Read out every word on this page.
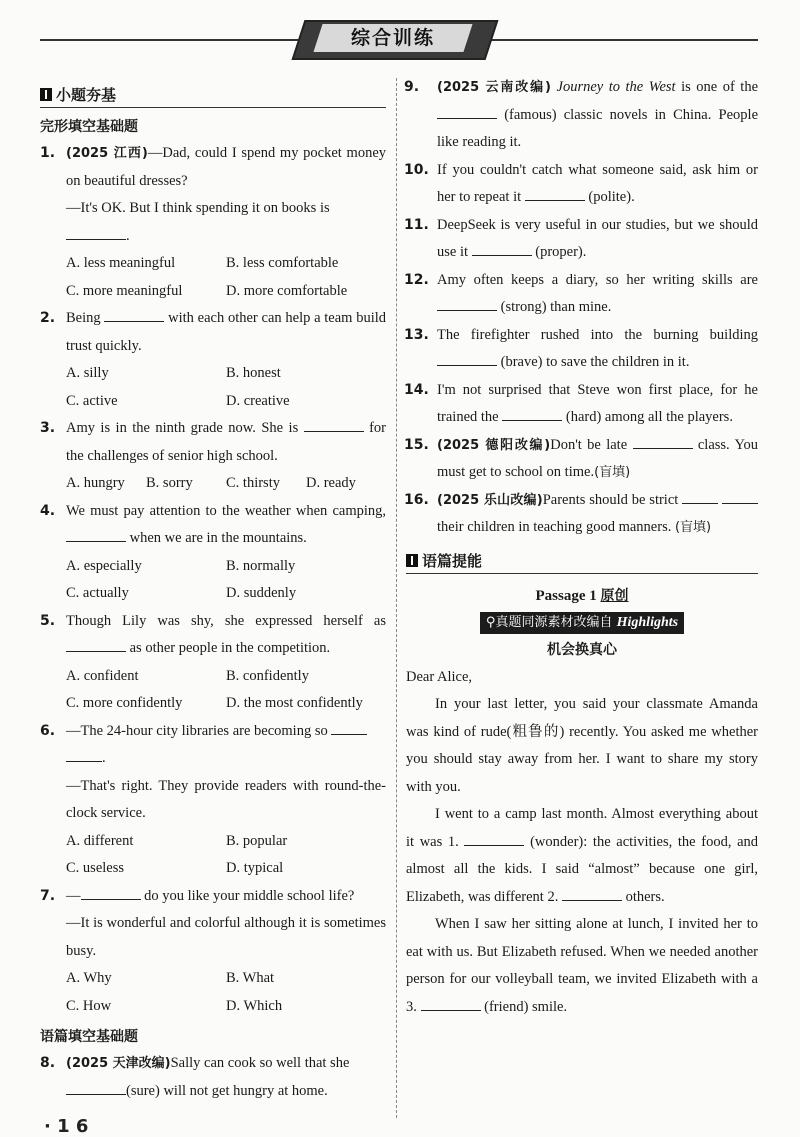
综合训练
小题夯基
完形填空基础题
1. (2025 江西)—Dad, could I spend my pocket money on beautiful dresses?
—It's OK. But I think spending it on books is
.
A. less meaningful	B. less comfortable
C. more meaningful	D. more comfortable
2. Being	with each other can help a team build trust quickly.
A. silly	B. honest
C. active	D. creative
3. Amy is in the ninth grade now. She is	for the challenges of senior high school.
A. hungry	B. sorry	C. thirsty	D. ready
4. We must pay attention to the weather when camping,  when we are in the mountains.
A. especially	B. normally
C. actually	D. suddenly
5. Though Lily was shy, she expressed herself as  as other people in the competition.
A. confident	B. confidently
C. more confidently	D. the most confidently
6. —The 24-hour city libraries are becoming so
.
—That's right. They provide readers with round-the-clock service.
A. different	B. popular
C. useless	D. typical
7. —	do you like your middle school life?
—It is wonderful and colorful although it is sometimes busy.
A. Why	B. What
C. How	D. Which
语篇填空基础题
8. (2025 天津改编)Sally can cook so well that she
(sure) will not get hungry at home.
9. (2025 云南改编) Journey to the West is one of the  (famous) classic novels in China. People like reading it.
10. If you couldn't catch what someone said, ask him or her to repeat it	(polite).
11. DeepSeek is very useful in our studies, but we should use it	(proper).
12. Amy often keeps a diary, so her writing skills are  (strong) than mine.
13. The firefighter rushed into the burning building  (brave) to save the children in it.
14. I'm not surprised that Steve won first place, for he trained the	(hard) among all the players.
15. (2025 德阳改编)Don't be late	class. You must get to school on time.(盲填)
16. (2025 乐山改编)Parents should be strict   their children in teaching good manners. (盲填)
语篇提能
Passage 1 原创
⚲真题同源素材改编自 Highlights
机会换真心
Dear Alice,
In your last letter, you said your classmate Amanda was kind of rude(粗鲁的) recently. You asked me whether you should stay away from her. I want to share my story with you.
I went to a camp last month. Almost everything about it was 1.	(wonder): the activities, the food, and almost all the kids. I said “almost” because one girl, Elizabeth, was different 2.	others.
When I saw her sitting alone at lunch, I invited her to eat with us. But Elizabeth refused. When we needed another person for our volleyball team, we invited Elizabeth with a 3.	(friend) smile.
· 1 6
